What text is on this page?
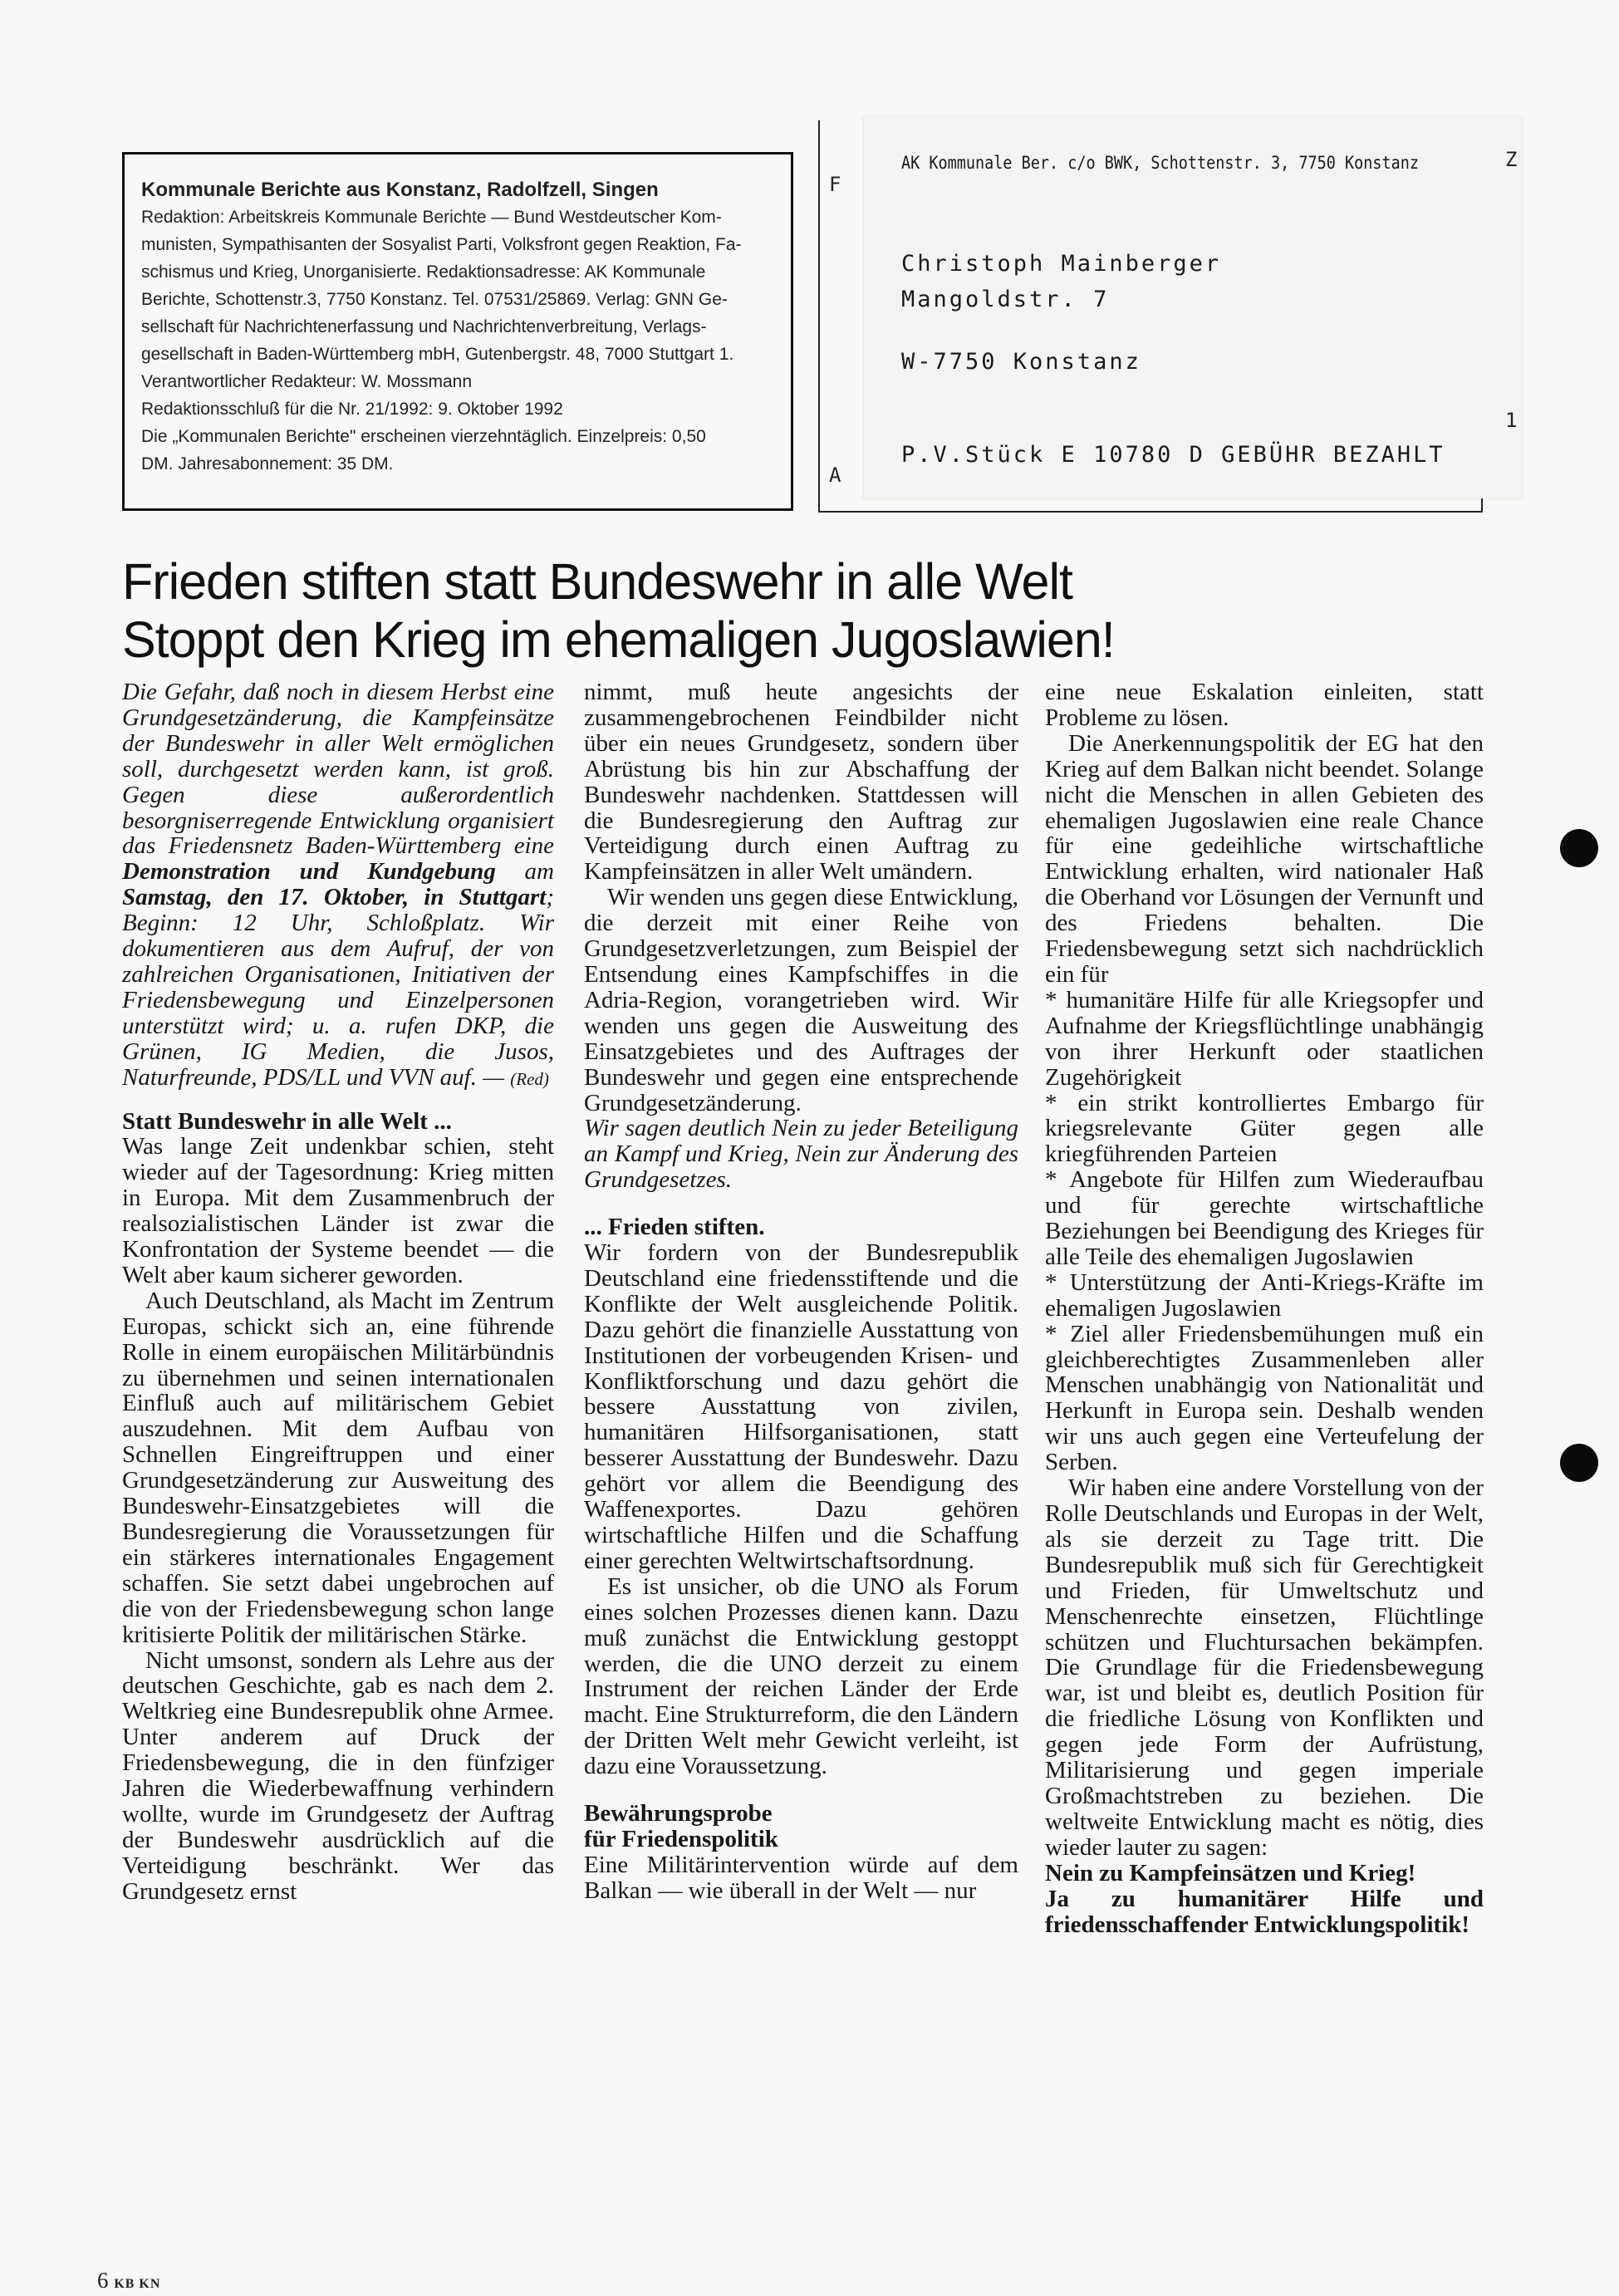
Kommunale Berichte aus Konstanz, Radolfzell, Singen

Redaktion: Arbeitskreis Kommunale Berichte — Bund Westdeutscher Kom-

munisten, Sympathisanten der Sosyalist Parti, Volksfront gegen Reaktion, Fa-

schismus und Krieg, Unorganisierte. Redaktionsadresse: AK Kommunale

Berichte, Schottenstr.3, 7750 Konstanz. Tel. 07531/25869. Verlag: GNN Ge-

sellschaft für Nachrichtenerfassung und Nachrichtenverbreitung, Verlags-

gesellschaft in Baden-Württemberg mbH, Gutenbergstr. 48, 7000 Stuttgart 1.

Verantwortlicher Redakteur: W. Mossmann

Redaktionsschluß für die Nr. 21/1992: 9. Oktober 1992

Die „Kommunalen Berichte" erscheinen vierzehntäglich. Einzelpreis: 0,50

DM. Jahresabonnement: 35 DM.

F
A
AK Kommunale Ber. c/o BWK, Schottenstr. 3, 7750 Konstanz
Christoph Mainberger
Mangoldstr. 7
W-7750 Konstanz
P.V.Stück E 10780 D GEBÜHR BEZAHLT
Z
1
Frieden stiften statt Bundeswehr in alle Welt
Stoppt den Krieg im ehemaligen Jugoslawien!

Die Gefahr, daß noch in diesem Herbst eine Grundgesetzänderung, die Kampfeinsätze der Bundeswehr in aller Welt ermöglichen soll, durchgesetzt werden kann, ist groß. Gegen diese außerordentlich besorgniserregende Entwicklung organisiert das Friedensnetz Baden-Württemberg eine Demonstration und Kundgebung am Samstag, den 17. Oktober, in Stuttgart; Beginn: 12 Uhr, Schloßplatz. Wir dokumentieren aus dem Aufruf, der von zahlreichen Organisationen, Initiativen der Friedensbewegung und Einzelpersonen unterstützt wird; u. a. rufen DKP, die Grünen, IG Medien, die Jusos, Naturfreunde, PDS/LL und VVN auf. — (Red)

Statt Bundeswehr in alle Welt ...

Was lange Zeit undenkbar schien, steht wieder auf der Tagesordnung: Krieg mitten in Europa. Mit dem Zusammenbruch der realsozialistischen Länder ist zwar die Konfrontation der Systeme beendet — die Welt aber kaum sicherer geworden.

Auch Deutschland, als Macht im Zentrum Europas, schickt sich an, eine führende Rolle in einem europäischen Militärbündnis zu übernehmen und seinen internationalen Einfluß auch auf militärischem Gebiet auszudehnen. Mit dem Aufbau von Schnellen Eingreiftruppen und einer Grundgesetzänderung zur Ausweitung des Bundeswehr-Einsatzgebietes will die Bundesregierung die Voraussetzungen für ein stärkeres internationales Engagement schaffen. Sie setzt dabei ungebrochen auf die von der Friedensbewegung schon lange kritisierte Politik der militärischen Stärke.

Nicht umsonst, sondern als Lehre aus der deutschen Geschichte, gab es nach dem 2. Weltkrieg eine Bundesrepublik ohne Armee. Unter anderem auf Druck der Friedensbewegung, die in den fünfziger Jahren die Wiederbewaffnung verhindern wollte, wurde im Grundgesetz der Auftrag der Bundeswehr ausdrücklich auf die Verteidigung beschränkt. Wer das Grundgesetz ernst

nimmt, muß heute angesichts der zusammengebrochenen Feindbilder nicht über ein neues Grundgesetz, sondern über Abrüstung bis hin zur Abschaffung der Bundeswehr nachdenken. Stattdessen will die Bundesregierung den Auftrag zur Verteidigung durch einen Auftrag zu Kampfeinsätzen in aller Welt umändern.

Wir wenden uns gegen diese Entwicklung, die derzeit mit einer Reihe von Grundgesetzverletzungen, zum Beispiel der Entsendung eines Kampfschiffes in die Adria-Region, vorangetrieben wird. Wir wenden uns gegen die Ausweitung des Einsatzgebietes und des Auftrages der Bundeswehr und gegen eine entsprechende Grundgesetzänderung.

Wir sagen deutlich Nein zu jeder Beteiligung an Kampf und Krieg, Nein zur Änderung des Grundgesetzes.

... Frieden stiften.

Wir fordern von der Bundesrepublik Deutschland eine friedensstiftende und die Konflikte der Welt ausgleichende Politik. Dazu gehört die finanzielle Ausstattung von Institutionen der vorbeugenden Krisen- und Konfliktforschung und dazu gehört die bessere Ausstattung von zivilen, humanitären Hilfsorganisationen, statt besserer Ausstattung der Bundeswehr. Dazu gehört vor allem die Beendigung des Waffenexportes. Dazu gehören wirtschaftliche Hilfen und die Schaffung einer gerechten Weltwirtschaftsordnung.

Es ist unsicher, ob die UNO als Forum eines solchen Prozesses dienen kann. Dazu muß zunächst die Entwicklung gestoppt werden, die die UNO derzeit zu einem Instrument der reichen Länder der Erde macht. Eine Strukturreform, die den Ländern der Dritten Welt mehr Gewicht verleiht, ist dazu eine Voraussetzung.

Bewährungsprobe

für Friedenspolitik

Eine Militärintervention würde auf dem Balkan — wie überall in der Welt — nur

eine neue Eskalation einleiten, statt Probleme zu lösen.

Die Anerkennungspolitik der EG hat den Krieg auf dem Balkan nicht beendet. Solange nicht die Menschen in allen Gebieten des ehemaligen Jugoslawien eine reale Chance für eine gedeihliche wirtschaftliche Entwicklung erhalten, wird nationaler Haß die Oberhand vor Lösungen der Vernunft und des Friedens behalten. Die Friedensbewegung setzt sich nachdrücklich ein für

* humanitäre Hilfe für alle Kriegsopfer und Aufnahme der Kriegsflüchtlinge unabhängig von ihrer Herkunft oder staatlichen Zugehörigkeit

* ein strikt kontrolliertes Embargo für kriegsrelevante Güter gegen alle kriegführenden Parteien

* Angebote für Hilfen zum Wiederaufbau und für gerechte wirtschaftliche Beziehungen bei Beendigung des Krieges für alle Teile des ehemaligen Jugoslawien

* Unterstützung der Anti-Kriegs-Kräfte im ehemaligen Jugoslawien

* Ziel aller Friedensbemühungen muß ein gleichberechtigtes Zusammenleben aller Menschen unabhängig von Nationalität und Herkunft in Europa sein. Deshalb wenden wir uns auch gegen eine Verteufelung der Serben.

Wir haben eine andere Vorstellung von der Rolle Deutschlands und Europas in der Welt, als sie derzeit zu Tage tritt. Die Bundesrepublik muß sich für Gerechtigkeit und Frieden, für Umweltschutz und Menschenrechte einsetzen, Flüchtlinge schützen und Fluchtursachen bekämpfen. Die Grundlage für die Friedensbewegung war, ist und bleibt es, deutlich Position für die friedliche Lösung von Konflikten und gegen jede Form der Aufrüstung, Militarisierung und gegen imperiale Großmachtstreben zu beziehen. Die weltweite Entwicklung macht es nötig, dies wieder lauter zu sagen:

Nein zu Kampfeinsätzen und Krieg!

Ja zu humanitärer Hilfe und friedensschaffender Entwicklungspolitik!

6 KB KN
